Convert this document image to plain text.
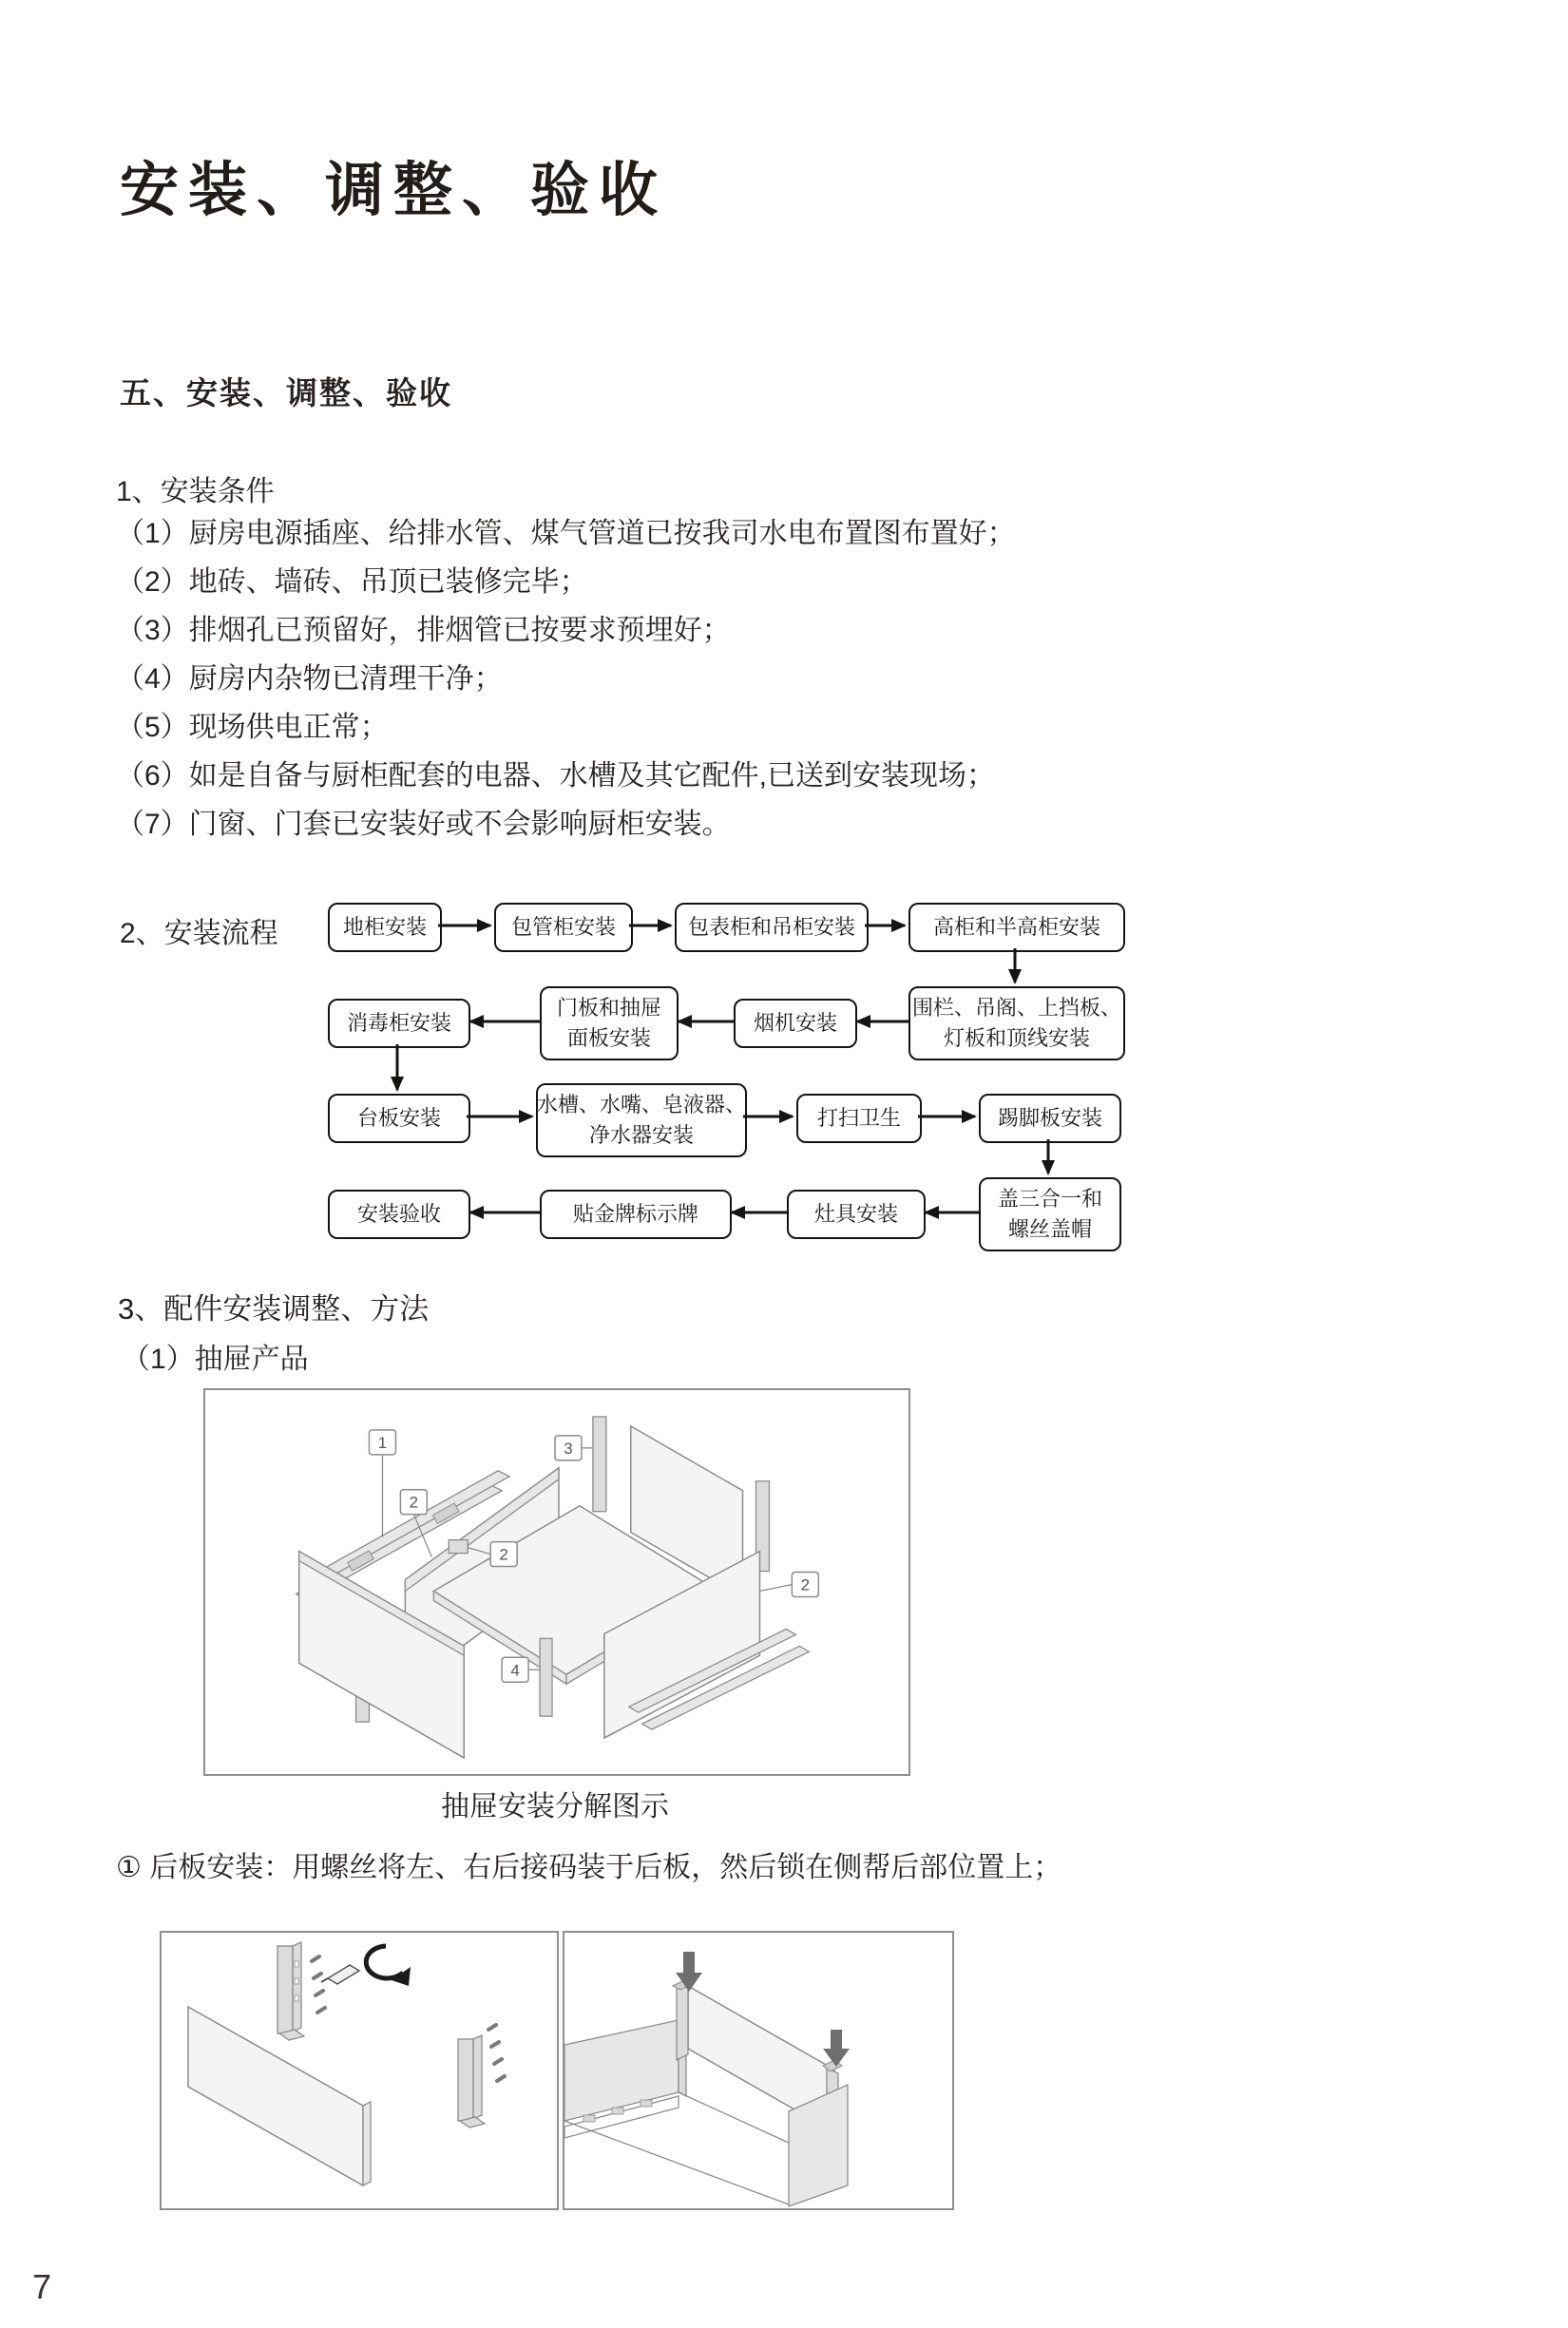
安装、调整、验收
五、安装、调整、验收
1、安装条件
（1）厨房电源插座、给排水管、煤气管道已按我司水电布置图布置好；
（2）地砖、墙砖、吊顶已装修完毕；
（3）排烟孔已预留好，排烟管已按要求预埋好；
（4）厨房内杂物已清理干净；
（5）现场供电正常；
（6）如是自备与厨柜配套的电器、水槽及其它配件,已送到安装现场；
（7）门窗、门套已安装好或不会影响厨柜安装。
2、安装流程	地柜安装	包管柜安装	包表柜和吊柜安装	高柜和半高柜安装
围栏、吊阁、上挡板、
灯板和顶线安装
烟机安装
门板和抽屉
面板安装
消毒柜安装
台板安装
水槽、水嘴、皂液器、
净水器安装
打扫卫生	踢脚板安装
盖三合一和
螺丝盖帽
灶具安装
贴金牌标示牌
安装验收
3、配件安装调整、方法
（1）抽屉产品
1
2
2
2
3
4
抽屉安装分解图示
① 后板安装：用螺丝将左、右后接码装于后板，然后锁在侧帮后部位置上；
7
